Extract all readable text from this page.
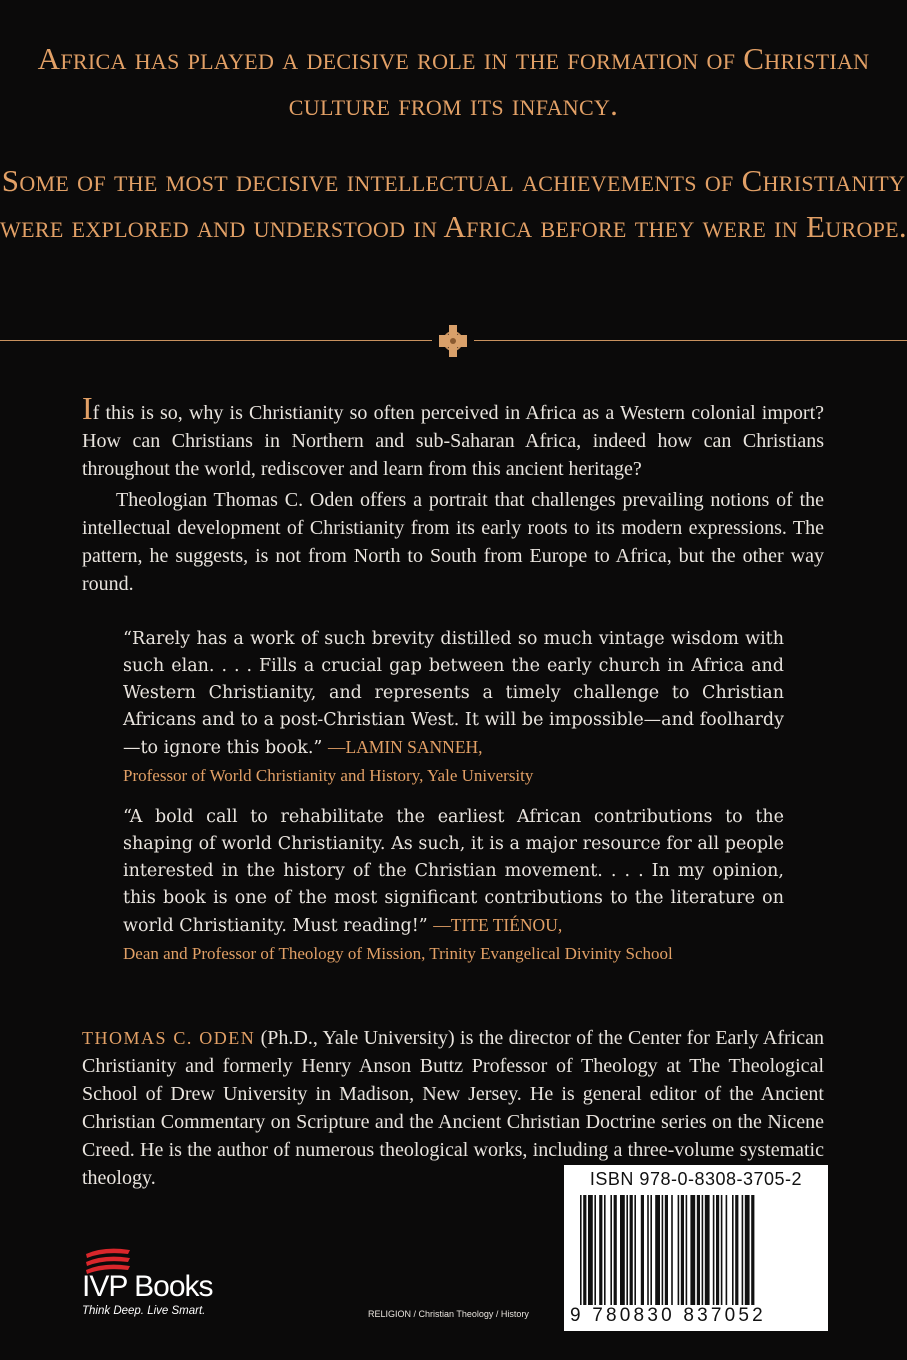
Africa has played a decisive role in the formation of Christian culture from its infancy.
Some of the most decisive intellectual achievements of Christianity were explored and understood in Africa before they were in Europe.
If this is so, why is Christianity so often perceived in Africa as a Western colonial import? How can Christians in Northern and sub-Saharan Africa, indeed how can Christians throughout the world, rediscover and learn from this ancient heritage?
Theologian Thomas C. Oden offers a portrait that challenges prevailing notions of the intellectual development of Christianity from its early roots to its modern expressions. The pattern, he suggests, is not from North to South from Europe to Africa, but the other way round.
“Rarely has a work of such brevity distilled so much vintage wisdom with such elan. . . . Fills a crucial gap between the early church in Africa and Western Christianity, and represents a timely challenge to Christian Africans and to a post-Christian West. It will be impossible—and foolhardy—to ignore this book.” —LAMIN SANNEH,
Professor of World Christianity and History, Yale University
“A bold call to rehabilitate the earliest African contributions to the shaping of world Christianity. As such, it is a major resource for all people interested in the history of the Christian movement. . . . In my opinion, this book is one of the most significant contributions to the literature on world Christianity. Must reading!” —TITE TIÉNOU,
Dean and Professor of Theology of Mission, Trinity Evangelical Divinity School
THOMAS C. ODEN (Ph.D., Yale University) is the director of the Center for Early African Christianity and formerly Henry Anson Buttz Professor of Theology at The Theological School of Drew University in Madison, New Jersey. He is general editor of the Ancient Christian Commentary on Scripture and the Ancient Christian Doctrine series on the Nicene Creed. He is the author of numerous theological works, including a three-volume systematic theology.	ISBN 978-0-8308-3705-2
9 780830 837052
RELIGION / Christian Theology / History
IVP Books
Think Deep. Live Smart.
